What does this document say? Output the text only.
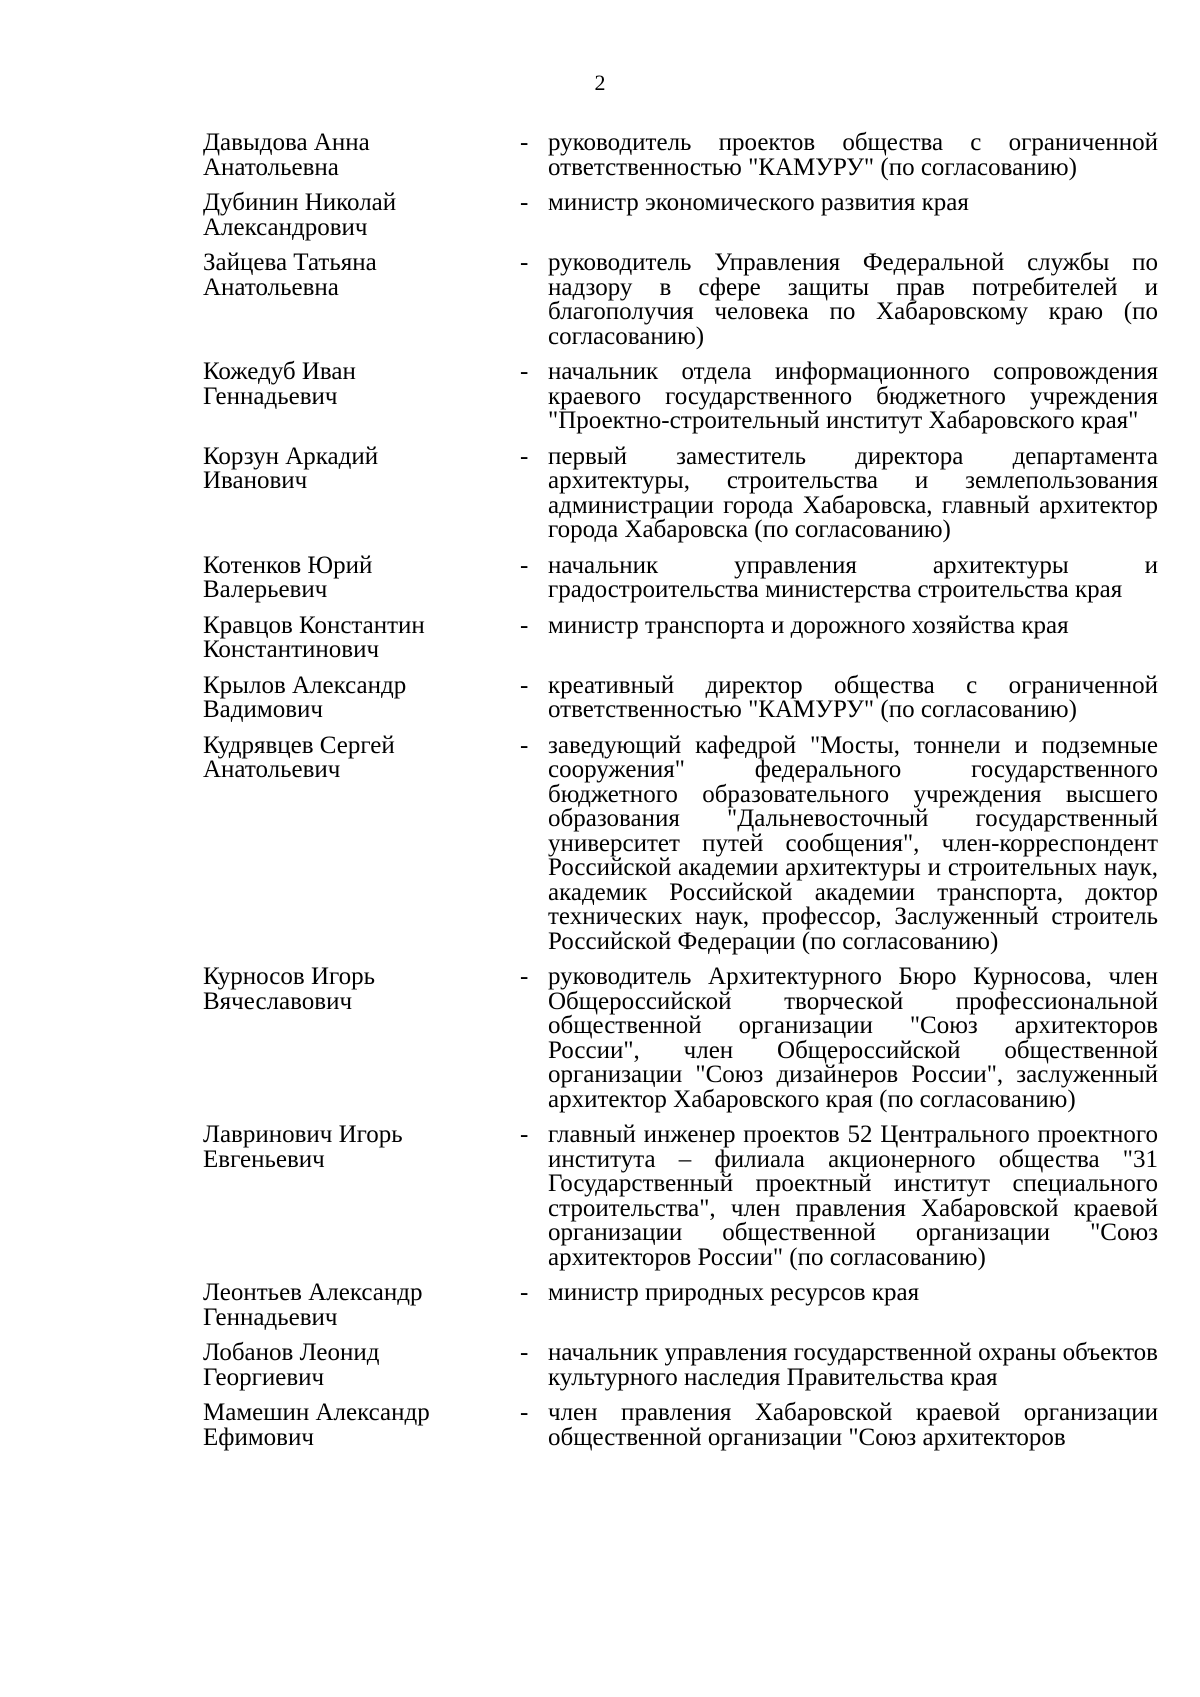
2
Давыдова Анна
Анатольевна
- руководитель проектов общества с ограниченной ответственностью "КАМУРУ" (по согласованию)
Дубинин Николай
Александрович
- министр экономического развития края
Зайцева Татьяна
Анатольевна
- руководитель Управления Федеральной службы по надзору в сфере защиты прав потребителей и благополучия человека по Хабаровскому краю (по согласованию)
Кожедуб Иван
Геннадьевич
- начальник отдела информационного сопровождения краевого государственного бюджетного учреждения "Проектно-строительный институт Хабаровского края"
Корзун Аркадий
Иванович
- первый заместитель директора департамента архитектуры, строительства и землепользования администрации города Хабаровска, главный архитектор города Хабаровска (по согласованию)
Котенков Юрий
Валерьевич
- начальник управления архитектуры и градостроительства министерства строительства края
Кравцов Константин
Константинович
- министр транспорта и дорожного хозяйства края
Крылов Александр
Вадимович
- креативный директор общества с ограниченной ответственностью "КАМУРУ" (по согласованию)
Кудрявцев Сергей
Анатольевич
- заведующий кафедрой "Мосты, тоннели и подземные сооружения" федерального государственного бюджетного образовательного учреждения высшего образования "Дальневосточный государственный университет путей сообщения", член-корреспондент Российской академии архитектуры и строительных наук, академик Российской академии транспорта, доктор технических наук, профессор, Заслуженный строитель Российской Федерации (по согласованию)
Курносов Игорь
Вячеславович
- руководитель Архитектурного Бюро Курносова, член Общероссийской творческой профессиональной общественной организации "Союз архитекторов России", член Общероссийской общественной организации "Союз дизайнеров России", заслуженный архитектор Хабаровского края (по согласованию)
Лавринович Игорь
Евгеньевич
- главный инженер проектов 52 Центрального проектного института – филиала акционерного общества "31 Государственный проектный институт специального строительства", член правления Хабаровской краевой организации общественной организации "Союз архитекторов России" (по согласованию)
Леонтьев Александр
Геннадьевич
- министр природных ресурсов края
Лобанов Леонид
Георгиевич
- начальник управления государственной охраны объектов культурного наследия Правительства края
Мамешин Александр
Ефимович
- член правления Хабаровской краевой организации общественной организации "Союз архитекторов
